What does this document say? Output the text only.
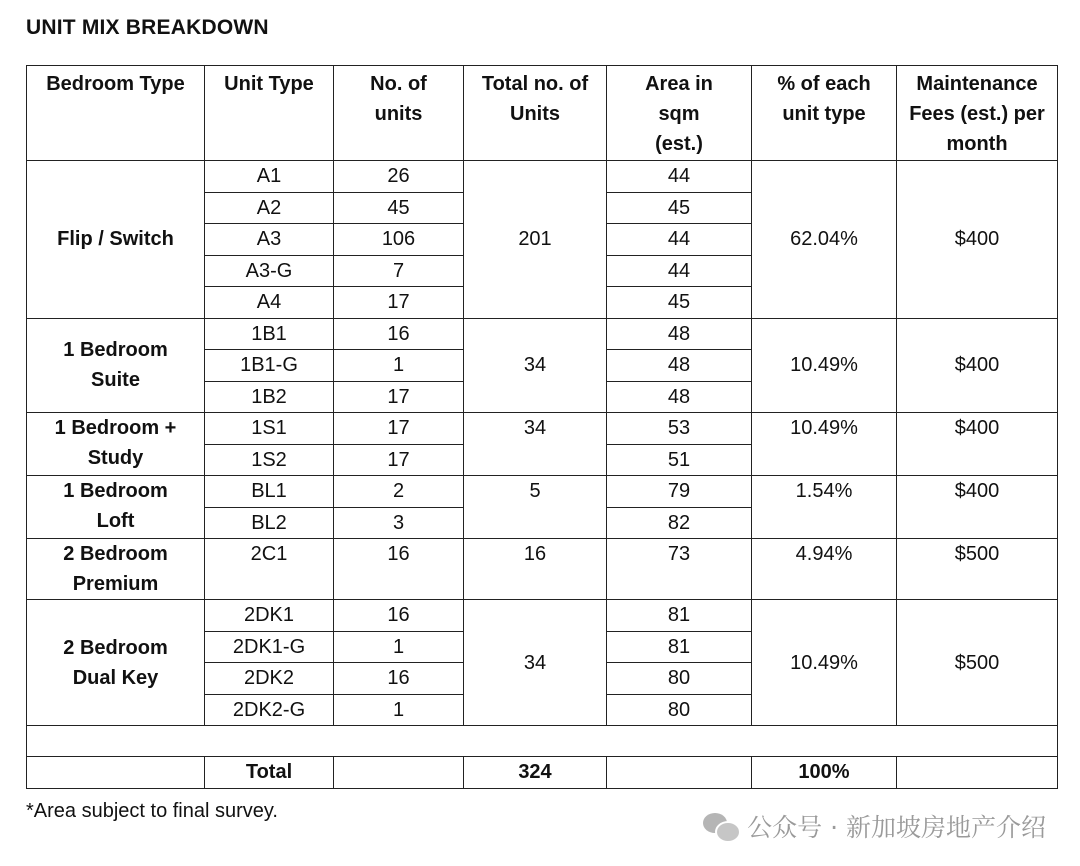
UNIT MIX BREAKDOWN
Bedroom Type	Unit Type	No. of units	Total no. of Units	Area in sqm (est.)	% of each unit type	Maintenance Fees (est.) per month
Flip / Switch	A1	26	201	44	62.04%	$400
	A2	45		45		
	A3	106		44		
	A3-G	7		44		
	A4	17		45		
1 Bedroom Suite	1B1	16	34	48	10.49%	$400
	1B1-G	1		48		
	1B2	17		48		
1 Bedroom + Study	1S1	17	34	53	10.49%	$400
	1S2	17		51		
1 Bedroom Loft	BL1	2	5	79	1.54%	$400
	BL2	3		82		
2 Bedroom Premium	2C1	16	16	73	4.94%	$500
2 Bedroom Dual Key	2DK1	16	34	81	10.49%	$500
	2DK1-G	1		81		
	2DK2	16		80		
	2DK2-G	1		80		

	Total		324		100%	
*Area subject to final survey.
公众号 · 新加坡房地产介绍
